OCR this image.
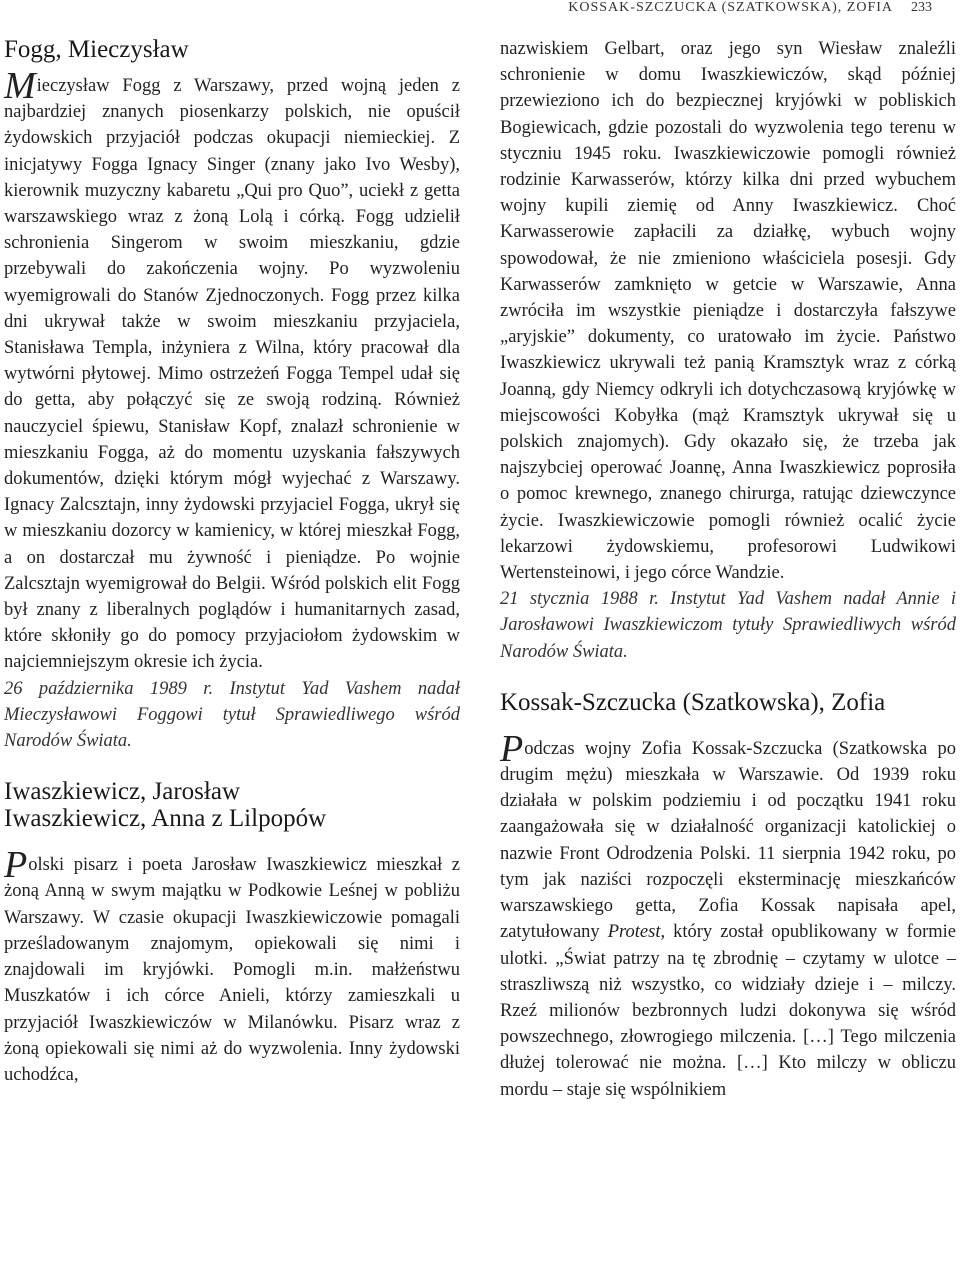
KOSSAK-SZCZUCKA (SZATKOWSKA), ZOFIA 233
Fogg, Mieczysław

Mieczysław Fogg z Warszawy, przed wojną jeden z najbardziej znanych piosenkarzy polskich, nie opuścił żydowskich przyjaciół podczas okupacji niemieckiej. Z inicjatywy Fogga Ignacy Singer (znany jako Ivo Wesby), kierownik muzyczny kabaretu „Qui pro Quo”, uciekł z getta warszawskiego wraz z żoną Lolą i córką. Fogg udzielił schronienia Singerom w swoim mieszkaniu, gdzie przebywali do zakończenia wojny. Po wyzwoleniu wyemigrowali do Stanów Zjednoczonych. Fogg przez kilka dni ukrywał także w swoim mieszkaniu przyjaciela, Stanisława Templa, inżyniera z Wilna, który pracował dla wytwórni płytowej. Mimo ostrzeżeń Fogga Tempel udał się do getta, aby połączyć się ze swoją rodziną. Również nauczyciel śpiewu, Stanisław Kopf, znalazł schronienie w mieszkaniu Fogga, aż do momentu uzyskania fałszywych dokumentów, dzięki którym mógł wyjechać z Warszawy. Ignacy Zalcsztajn, inny żydowski przyjaciel Fogga, ukrył się w mieszkaniu dozorcy w kamienicy, w której mieszkał Fogg, a on dostarczał mu żywność i pieniądze. Po wojnie Zalcsztajn wyemigrował do Belgii. Wśród polskich elit Fogg był znany z liberalnych poglądów i humanitarnych zasad, które skłoniły go do pomocy przyjaciołom żydowskim w najciemniejszym okresie ich życia.

26 października 1989 r. Instytut Yad Vashem nadał Mieczysławowi Foggowi tytuł Sprawiedliwego wśród Narodów Świata.

Iwaszkiewicz, Jarosław
Iwaszkiewicz, Anna z Lilpopów

Polski pisarz i poeta Jarosław Iwaszkiewicz mieszkał z żoną Anną w swym majątku w Podkowie Leśnej w pobliżu Warszawy. W czasie okupacji Iwaszkiewiczowie pomagali prześladowanym znajomym, opiekowali się nimi i znajdowali im kryjówki. Pomogli m.in. małżeństwu Muszkatów i ich córce Anieli, którzy zamieszkali u przyjaciół Iwaszkiewiczów w Milanówku. Pisarz wraz z żoną opiekowali się nimi aż do wyzwolenia. Inny żydowski uchodźca,

nazwiskiem Gelbart, oraz jego syn Wiesław znaleźli schronienie w domu Iwaszkiewiczów, skąd później przewieziono ich do bezpiecznej kryjówki w pobliskich Bogiewicach, gdzie pozostali do wyzwolenia tego terenu w styczniu 1945 roku. Iwaszkiewiczowie pomogli również rodzinie Karwasserów, którzy kilka dni przed wybuchem wojny kupili ziemię od Anny Iwaszkiewicz. Choć Karwasserowie zapłacili za działkę, wybuch wojny spowodował, że nie zmieniono właściciela posesji. Gdy Karwasserów zamknięto w getcie w Warszawie, Anna zwróciła im wszystkie pieniądze i dostarczyła fałszywe „aryjskie” dokumenty, co uratowało im życie. Państwo Iwaszkiewicz ukrywali też panią Kramsztyk wraz z córką Joanną, gdy Niemcy odkryli ich dotychczasową kryjówkę w miejscowości Kobyłka (mąż Kramsztyk ukrywał się u polskich znajomych). Gdy okazało się, że trzeba jak najszybciej operować Joannę, Anna Iwaszkiewicz poprosiła o pomoc krewnego, znanego chirurga, ratując dziewczynce życie. Iwaszkiewiczowie pomogli również ocalić życie lekarzowi żydowskiemu, profesorowi Ludwikowi Wertensteinowi, i jego córce Wandzie.

21 stycznia 1988 r. Instytut Yad Vashem nadał Annie i Jarosławowi Iwaszkiewiczom tytuły Sprawiedliwych wśród Narodów Świata.

Kossak-Szczucka (Szatkowska), Zofia

Podczas wojny Zofia Kossak-Szczucka (Szatkowska po drugim mężu) mieszkała w Warszawie. Od 1939 roku działała w polskim podziemiu i od początku 1941 roku zaangażowała się w działalność organizacji katolickiej o nazwie Front Odrodzenia Polski. 11 sierpnia 1942 roku, po tym jak naziści rozpoczęli eksterminację mieszkańców warszawskiego getta, Zofia Kossak napisała apel, zatytułowany Protest, który został opublikowany w formie ulotki. „Świat patrzy na tę zbrodnię – czytamy w ulotce – straszliwszą niż wszystko, co widziały dzieje i – milczy. Rzeź milionów bezbronnych ludzi dokonywa się wśród powszechnego, złowrogiego milczenia. […] Tego milczenia dłużej tolerować nie można. […] Kto milczy w obliczu mordu – staje się wspólnikiem
